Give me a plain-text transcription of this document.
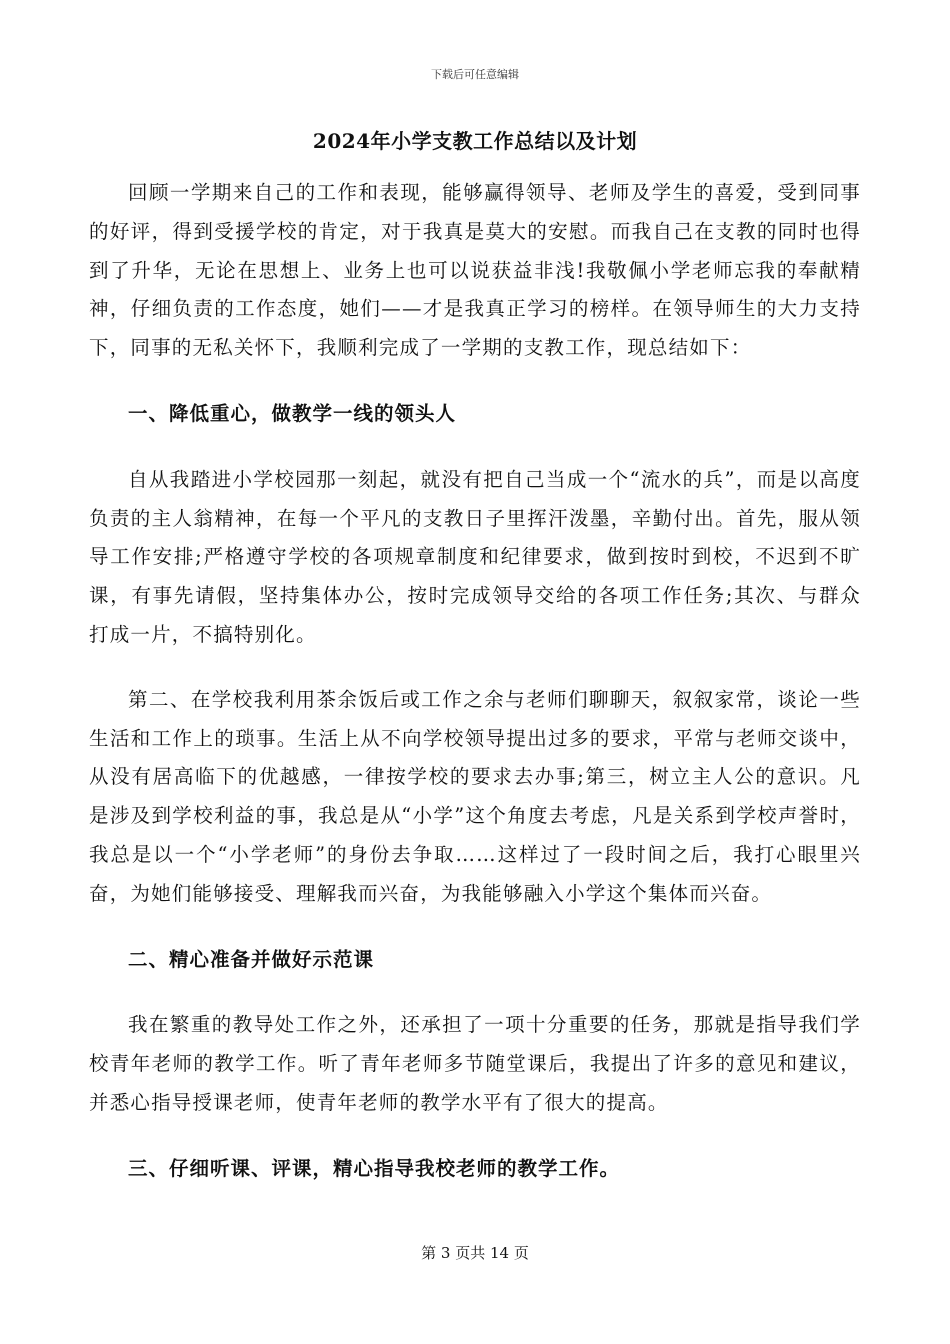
下载后可任意编辑
2024年小学支教工作总结以及计划

回顾一学期来自己的工作和表现，能够赢得领导、老师及学生的喜爱，受到同事的好评，得到受援学校的肯定，对于我真是莫大的安慰。而我自己在支教的同时也得到了升华，无论在思想上、业务上也可以说获益非浅!我敬佩小学老师忘我的奉献精神，仔细负责的工作态度，她们——才是我真正学习的榜样。在领导师生的大力支持下，同事的无私关怀下，我顺利完成了一学期的支教工作，现总结如下：

一、降低重心，做教学一线的领头人

自从我踏进小学校园那一刻起，就没有把自己当成一个“流水的兵”，而是以高度负责的主人翁精神，在每一个平凡的支教日子里挥汗泼墨，辛勤付出。首先，服从领导工作安排;严格遵守学校的各项规章制度和纪律要求，做到按时到校，不迟到不旷课，有事先请假，坚持集体办公，按时完成领导交给的各项工作任务;其次、与群众打成一片，不搞特别化。

第二、在学校我利用茶余饭后或工作之余与老师们聊聊天，叙叙家常，谈论一些生活和工作上的琐事。生活上从不向学校领导提出过多的要求，平常与老师交谈中，从没有居高临下的优越感，一律按学校的要求去办事;第三，树立主人公的意识。凡是涉及到学校利益的事，我总是从“小学”这个角度去考虑，凡是关系到学校声誉时，我总是以一个“小学老师”的身份去争取……这样过了一段时间之后，我打心眼里兴奋，为她们能够接受、理解我而兴奋，为我能够融入小学这个集体而兴奋。

二、精心准备并做好示范课

我在繁重的教导处工作之外，还承担了一项十分重要的任务，那就是指导我们学校青年老师的教学工作。听了青年老师多节随堂课后，我提出了许多的意见和建议，并悉心指导授课老师，使青年老师的教学水平有了很大的提高。

三、仔细听课、评课，精心指导我校老师的教学工作。

第 3 页共 14 页
